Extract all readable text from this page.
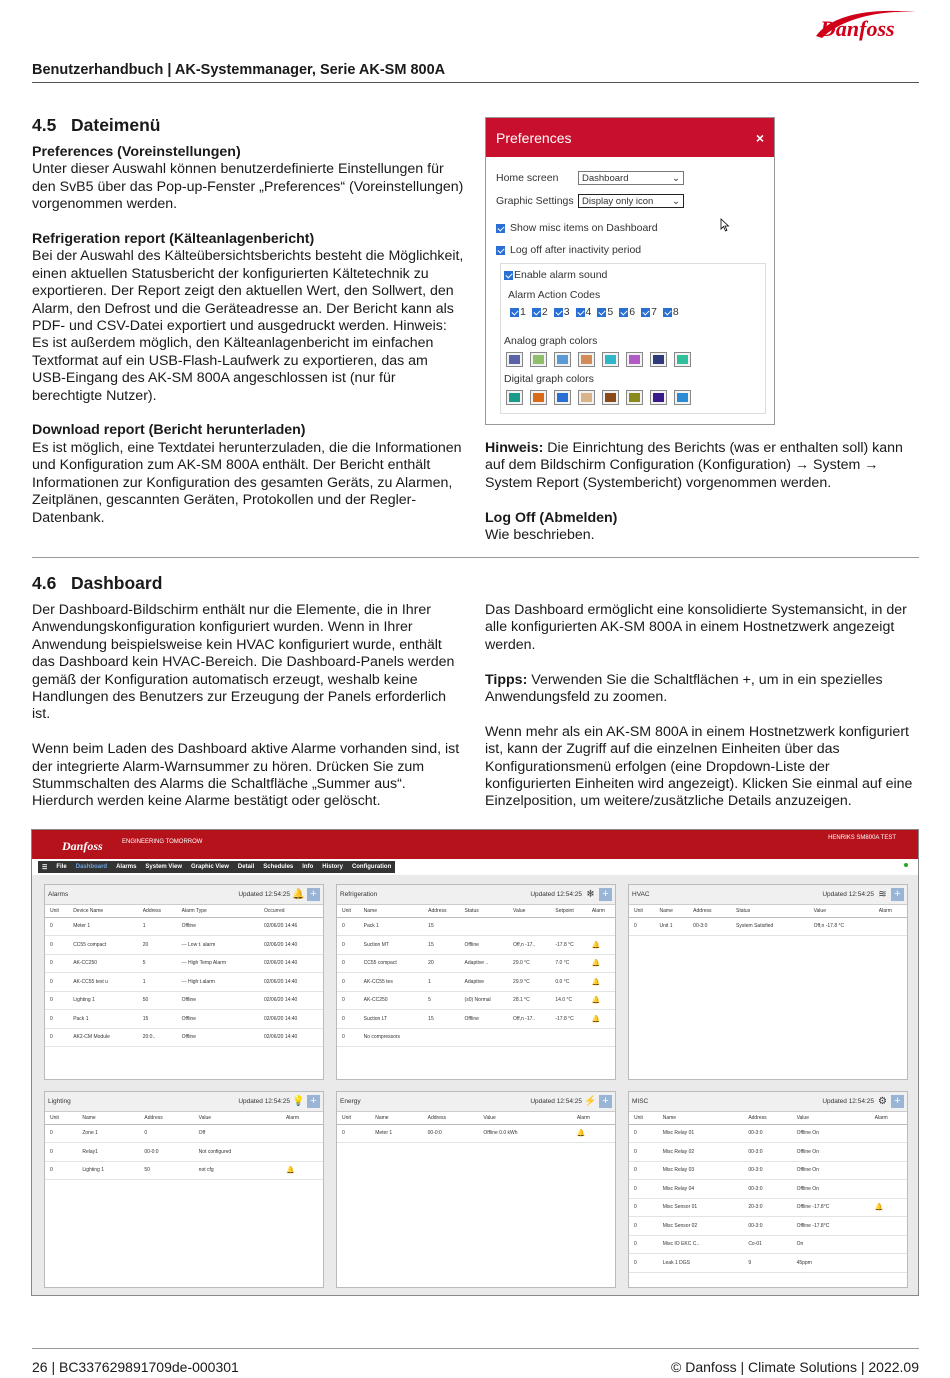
Danfoss
Benutzerhandbuch | AK-Systemmanager, Serie AK-SM 800A
4.5 Dateimenü

Preferences (Voreinstellungen)
Unter dieser Auswahl können benutzerdefinierte Einstellungen für den SvB5 über das Pop-up-Fenster „Preferences“ (Voreinstellungen) vorgenommen werden.

Refrigeration report (Kälteanlagenbericht)
Bei der Auswahl des Kälteübersichtsberichts besteht die Möglichkeit, einen aktuellen Statusbericht der konfigurierten Kältetechnik zu exportieren. Der Report zeigt den aktuellen Wert, den Sollwert, den Alarm, den Defrost und die Geräteadresse an. Der Bericht kann als PDF- und CSV-Datei exportiert und ausgedruckt werden. Hinweis: Es ist außerdem möglich, den Kälteanlagenbericht im einfachen Textformat auf ein USB-Flash-Laufwerk zu exportieren, das am USB-Eingang des AK-SM 800A angeschlossen ist (nur für berechtigte Nutzer).

Download report (Bericht herunterladen)
Es ist möglich, eine Textdatei herunterzuladen, die die Informationen und Konfiguration zum AK-SM 800A enthält. Der Bericht enthält Informationen zur Konfiguration des gesamten Geräts, zu Alarmen, Zeitplänen, gescannten Geräten, Protokollen und der Regler-Datenbank.

Preferences	×
Home screen	Dashboard	⌄
Graphic Settings Display only icon ⌄
Show misc items on Dashboard
Log off after inactivity period
Enable alarm sound
Alarm Action Codes
1 2 3 4 5 6 7 8
Analog graph colors
Digital graph colors

Hinweis: Die Einrichtung des Berichts (was er enthalten soll) kann auf dem Bildschirm Configuration (Konfiguration) → System → System Report (Systembericht) vorgenommen werden.

Log Off (Abmelden)
Wie beschrieben.

4.6 Dashboard

Der Dashboard-Bildschirm enthält nur die Elemente, die in Ihrer Anwendungskonfiguration konfiguriert wurden. Wenn in Ihrer Anwendung beispielsweise kein HVAC konfiguriert wurde, enthält das Dashboard kein HVAC-Bereich. Die Dashboard-Panels werden gemäß der Konfiguration automatisch erzeugt, weshalb keine Handlungen des Benutzers zur Erzeugung der Panels erforderlich ist.

Wenn beim Laden des Dashboard aktive Alarme vorhanden sind, ist der integrierte Alarm-Warnsummer zu hören. Drücken Sie zum Stummschalten des Alarms die Schaltfläche „Summer aus“. Hierdurch werden keine Alarme bestätigt oder gelöscht.

Das Dashboard ermöglicht eine konsolidierte Systemansicht, in der alle konfigurierten AK-SM 800A in einem Hostnetzwerk angezeigt werden.

Tipps: Verwenden Sie die Schaltflächen +, um in ein spezielles Anwendungsfeld zu zoomen.

Wenn mehr als ein AK-SM 800A in einem Hostnetzwerk konfiguriert ist, kann der Zugriff auf die einzelnen Einheiten über das Konfigurationsmenü erfolgen (eine Dropdown-Liste der konfigurierten Einheiten wird angezeigt). Klicken Sie einmal auf eine Einzelposition, um weitere/zusätzliche Details anzuzeigen.

Danfoss	ENGINEERING TOMORROW
HENRIKS SM800A TEST
☰ File Dashboard Alarms System View Graphic View Detail Schedules Info History Configuration
Alarms	Updated 12:54:25 🔔 +
Unit	Device Name	Address	Alarm Type	Occurred
0	Meter 1	1	Offline	02/06/20 14:46
0	CC55 compact	20	--- Low t. alarm	02/06/20 14:40
0	AK-CC250	5	--- High Temp Alarm	02/06/20 14:40
0	AK-CC55 test u	1	--- High t.alarm	02/06/20 14:40
0	Lighting 1	50	Offline	02/06/20 14:40
0	Pack 1	15	Offline	02/06/20 14:40
0	AK2-CM Module	20:0..	Offline	02/06/20 14:40
Refrigeration	Updated 12:54:25 ❄ +
Unit	Name	Address	Status	Value	Setpoint	Alarm
0	Pack 1	15				
0	Suction MT	15	Offline	Off,n -17..	-17.8 °C	🔔
0	CC55 compact	20	Adaptive ..	29.0 °C	7.0 °C	🔔
0	AK-CC55 tes	1	Adaptive	29.9 °C	0.0 °C	🔔
0	AK-CC250	5	(s0) Normal	28.1 °C	14.0 °C	🔔
0	Suction LT	15	Offline	Off,n -17..	-17.8 °C	🔔
0	No compressors					
HVAC	Updated 12:54:25 ≋ +
Unit	Name	Address	Status	Value	Alarm
0	Unit 1	00-3:0	System Satisfied	Off,n -17.8 °C	
Lighting	Updated 12:54:25 💡 +
Unit	Name	Address	Value	Alarm
0	Zone 1	0	Off	
0	Relay1	00-0:0	Not configured	
0	Lighting 1	50	not cfg	🔔
Energy	Updated 12:54:25 ⚡ +
Unit	Name	Address	Value	Alarm
0	Meter 1	00-0:0	Offline 0.0 kWh	🔔
MISC	Updated 12:54:25 ⚙ +
Unit	Name	Address	Value	Alarm
0	Misc Relay 01	00-3:0	Offline On	
0	Misc Relay 02	00-3:0	Offline On	
0	Misc Relay 03	00-3:0	Offline On	
0	Misc Relay 04	00-3:0	Offline On	
0	Misc Sensor 01	20-3:0	Offline -17.8°C	🔔
0	Misc Sensor 02	00-3:0	Offline -17.8°C	
0	Misc IO EKC C..	Co-01	On	
0	Leak 1 DGS	9	45ppm	
26 | BC337629891709de-000301	© Danfoss | Climate Solutions | 2022.09
